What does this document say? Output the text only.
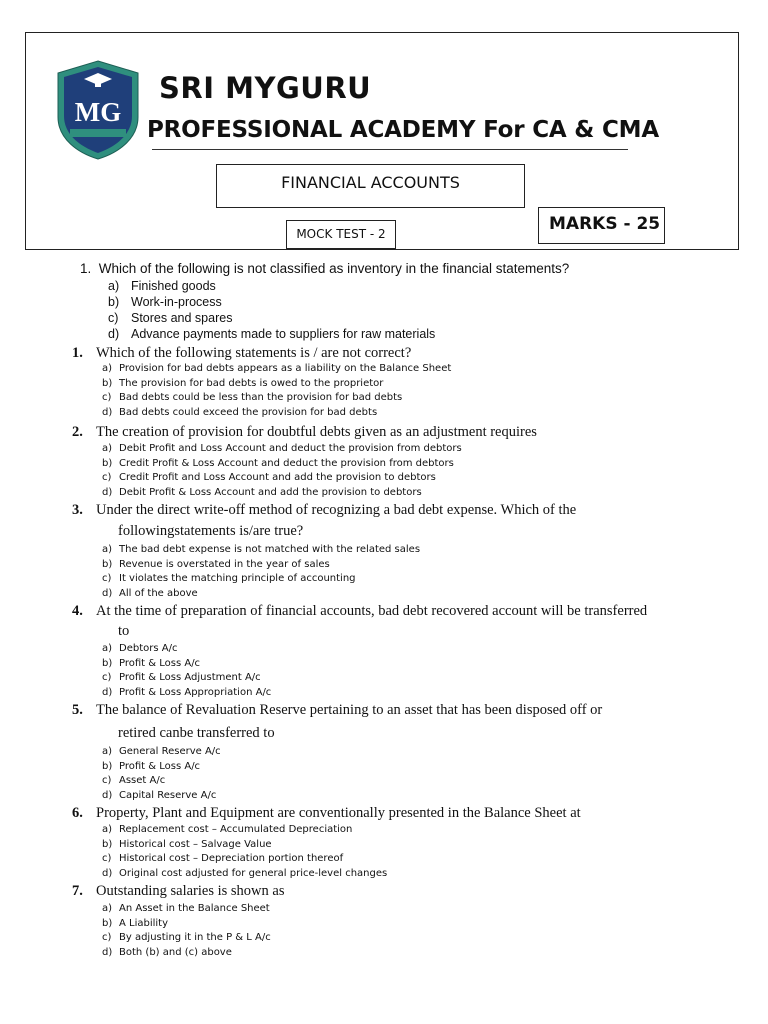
MG
SRI MYGURU
PROFESSIONAL ACADEMY For CA & CMA
FINANCIAL ACCOUNTS
MOCK TEST - 2	MARKS - 25
1. Which of the following is not classified as inventory in the financial statements?
a) Finished goods
b) Work-in-process
c) Stores and spares
d) Advance payments made to suppliers for raw materials
1. Which of the following statements is / are not correct?
a) Provision for bad debts appears as a liability on the Balance Sheet
b) The provision for bad debts is owed to the proprietor
c) Bad debts could be less than the provision for bad debts
d) Bad debts could exceed the provision for bad debts
2. The creation of provision for doubtful debts given as an adjustment requires
a) Debit Profit and Loss Account and deduct the provision from debtors
b) Credit Profit & Loss Account and deduct the provision from debtors
c) Credit Profit and Loss Account and add the provision to debtors
d) Debit Profit & Loss Account and add the provision to debtors
3. Under the direct write-off method of recognizing a bad debt expense. Which of the
followingstatements is/are true?
a) The bad debt expense is not matched with the related sales
b) Revenue is overstated in the year of sales
c) It violates the matching principle of accounting
d) All of the above
4. At the time of preparation of financial accounts, bad debt recovered account will be transferred
to
a) Debtors A/c
b) Profit & Loss A/c
c) Profit & Loss Adjustment A/c
d) Profit & Loss Appropriation A/c
5. The balance of Revaluation Reserve pertaining to an asset that has been disposed off or
retired canbe transferred to
a) General Reserve A/c
b) Profit & Loss A/c
c) Asset A/c
d) Capital Reserve A/c
6. Property, Plant and Equipment are conventionally presented in the Balance Sheet at
a) Replacement cost – Accumulated Depreciation
b) Historical cost – Salvage Value
c) Historical cost – Depreciation portion thereof
d) Original cost adjusted for general price-level changes
7. Outstanding salaries is shown as
a) An Asset in the Balance Sheet
b) A Liability
c) By adjusting it in the P & L A/c
d) Both (b) and (c) above
